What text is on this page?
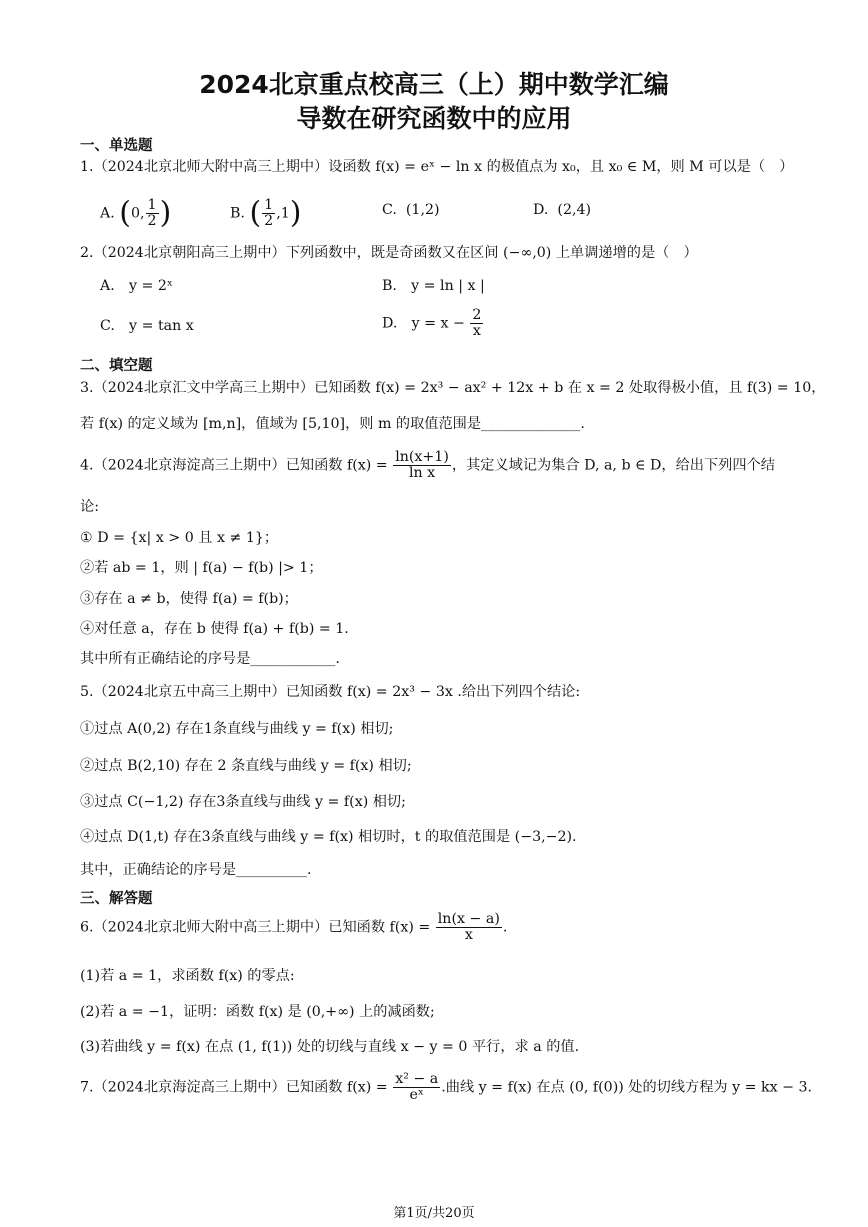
2024北京重点校高三（上）期中数学汇编
导数在研究函数中的应用
一、单选题
1.（2024北京北师大附中高三上期中）设函数 f(x) = eˣ − ln x 的极值点为 x₀，且 x₀ ∈ M，则 M 可以是（　）
A. (0, $\frac{1}{2}$ )	B. ( $\frac{1}{2} ,1$)	C. (1,2)	D. (2,4)
2.（2024北京朝阳高三上期中）下列函数中，既是奇函数又在区间 (−∞,0) 上单调递增的是（　）
A.　y = 2ˣ	B.　y = ln | x |
C.　y = tan x	D.　$y = x - \frac{2}{x}$
二、填空题
3.（2024北京汇文中学高三上期中）已知函数 f(x) = 2x³ − ax² + 12x + b 在 x = 2 处取得极小值，且 f(3) = 10，
若 f(x) 的定义域为 [m,n]，值域为 [5,10]，则 m 的取值范围是______________.
4.（2024北京海淀高三上期中）已知函数 $f(x) = \frac{\ln(x+1)}{\text{ln x}}$ ，其定义域记为集合 D, a, b ∈ D，给出下列四个结
论:
① D = {x| x > 0 且 x ≠ 1}；
②若 ab = 1，则 | f(a) − f(b) |> 1；
③存在 a ≠ b，使得 f(a) = f(b)；
④对任意 a，存在 b 使得 f(a) + f(b) = 1.
其中所有正确结论的序号是____________.
5.（2024北京五中高三上期中）已知函数 f(x) = 2x³ − 3x .给出下列四个结论:
①过点 A(0,2) 存在1条直线与曲线 y = f(x) 相切;
②过点 B(2,10) 存在 2 条直线与曲线 y = f(x) 相切;
③过点 C(−1,2) 存在3条直线与曲线 y = f(x) 相切;
④过点 D(1,t) 存在3条直线与曲线 y = f(x) 相切时，t 的取值范围是 (−3,−2).
其中，正确结论的序号是__________.
三、解答题
6.（2024北京北师大附中高三上期中）已知函数 $f(x) = \frac{\ln(x - a)}{x}$ .
(1)若 a = 1，求函数 f(x) 的零点:
(2)若 a = −1，证明：函数 f(x) 是 (0,+∞) 上的减函数;
(3)若曲线 y = f(x) 在点 (1, f(1)) 处的切线与直线 x − y = 0 平行，求 a 的值.
7.（2024北京海淀高三上期中）已知函数 $f(x) = \frac{\text{x² − a}}{\text{eˣ}}$ .曲线 y = f(x) 在点 (0, f(0)) 处的切线方程为 y = kx − 3.
第1页/共20页
